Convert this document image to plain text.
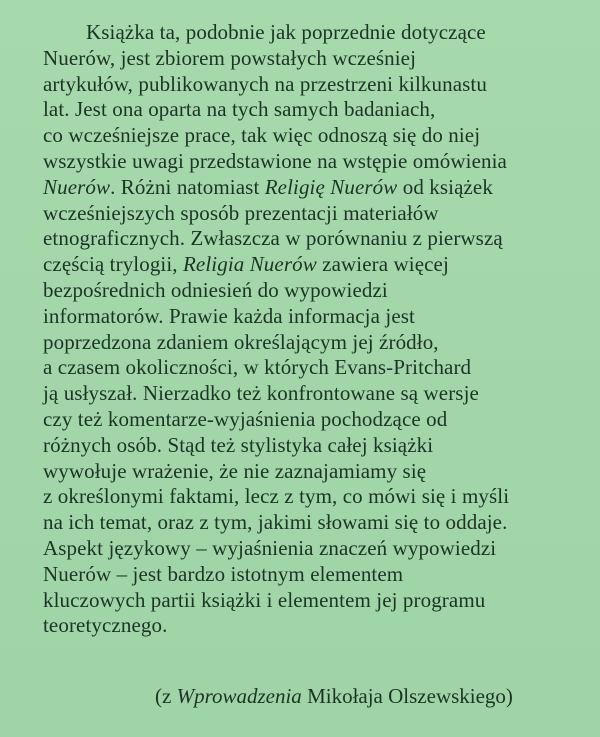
Książka ta, podobnie jak poprzednie dotyczące
Nuerów, jest zbiorem powstałych wcześniej
artykułów, publikowanych na przestrzeni kilkunastu
lat. Jest ona oparta na tych samych badaniach,
co wcześniejsze prace, tak więc odnoszą się do niej
wszystkie uwagi przedstawione na wstępie omówienia
Nuerów. Różni natomiast Religię Nuerów od książek
wcześniejszych sposób prezentacji materiałów
etnograficznych. Zwłaszcza w porównaniu z pierwszą
częścią trylogii, Religia Nuerów zawiera więcej
bezpośrednich odniesień do wypowiedzi
informatorów. Prawie każda informacja jest
poprzedzona zdaniem określającym jej źródło,
a czasem okoliczności, w których Evans-Pritchard
ją usłyszał. Nierzadko też konfrontowane są wersje
czy też komentarze-wyjaśnienia pochodzące od
różnych osób. Stąd też stylistyka całej książki
wywołuje wrażenie, że nie zaznajamiamy się
z określonymi faktami, lecz z tym, co mówi się i myśli
na ich temat, oraz z tym, jakimi słowami się to oddaje.
Aspekt językowy – wyjaśnienia znaczeń wypowiedzi
Nuerów – jest bardzo istotnym elementem
kluczowych partii książki i elementem jej programu
teoretycznego.
(z Wprowadzenia Mikołaja Olszewskiego)
